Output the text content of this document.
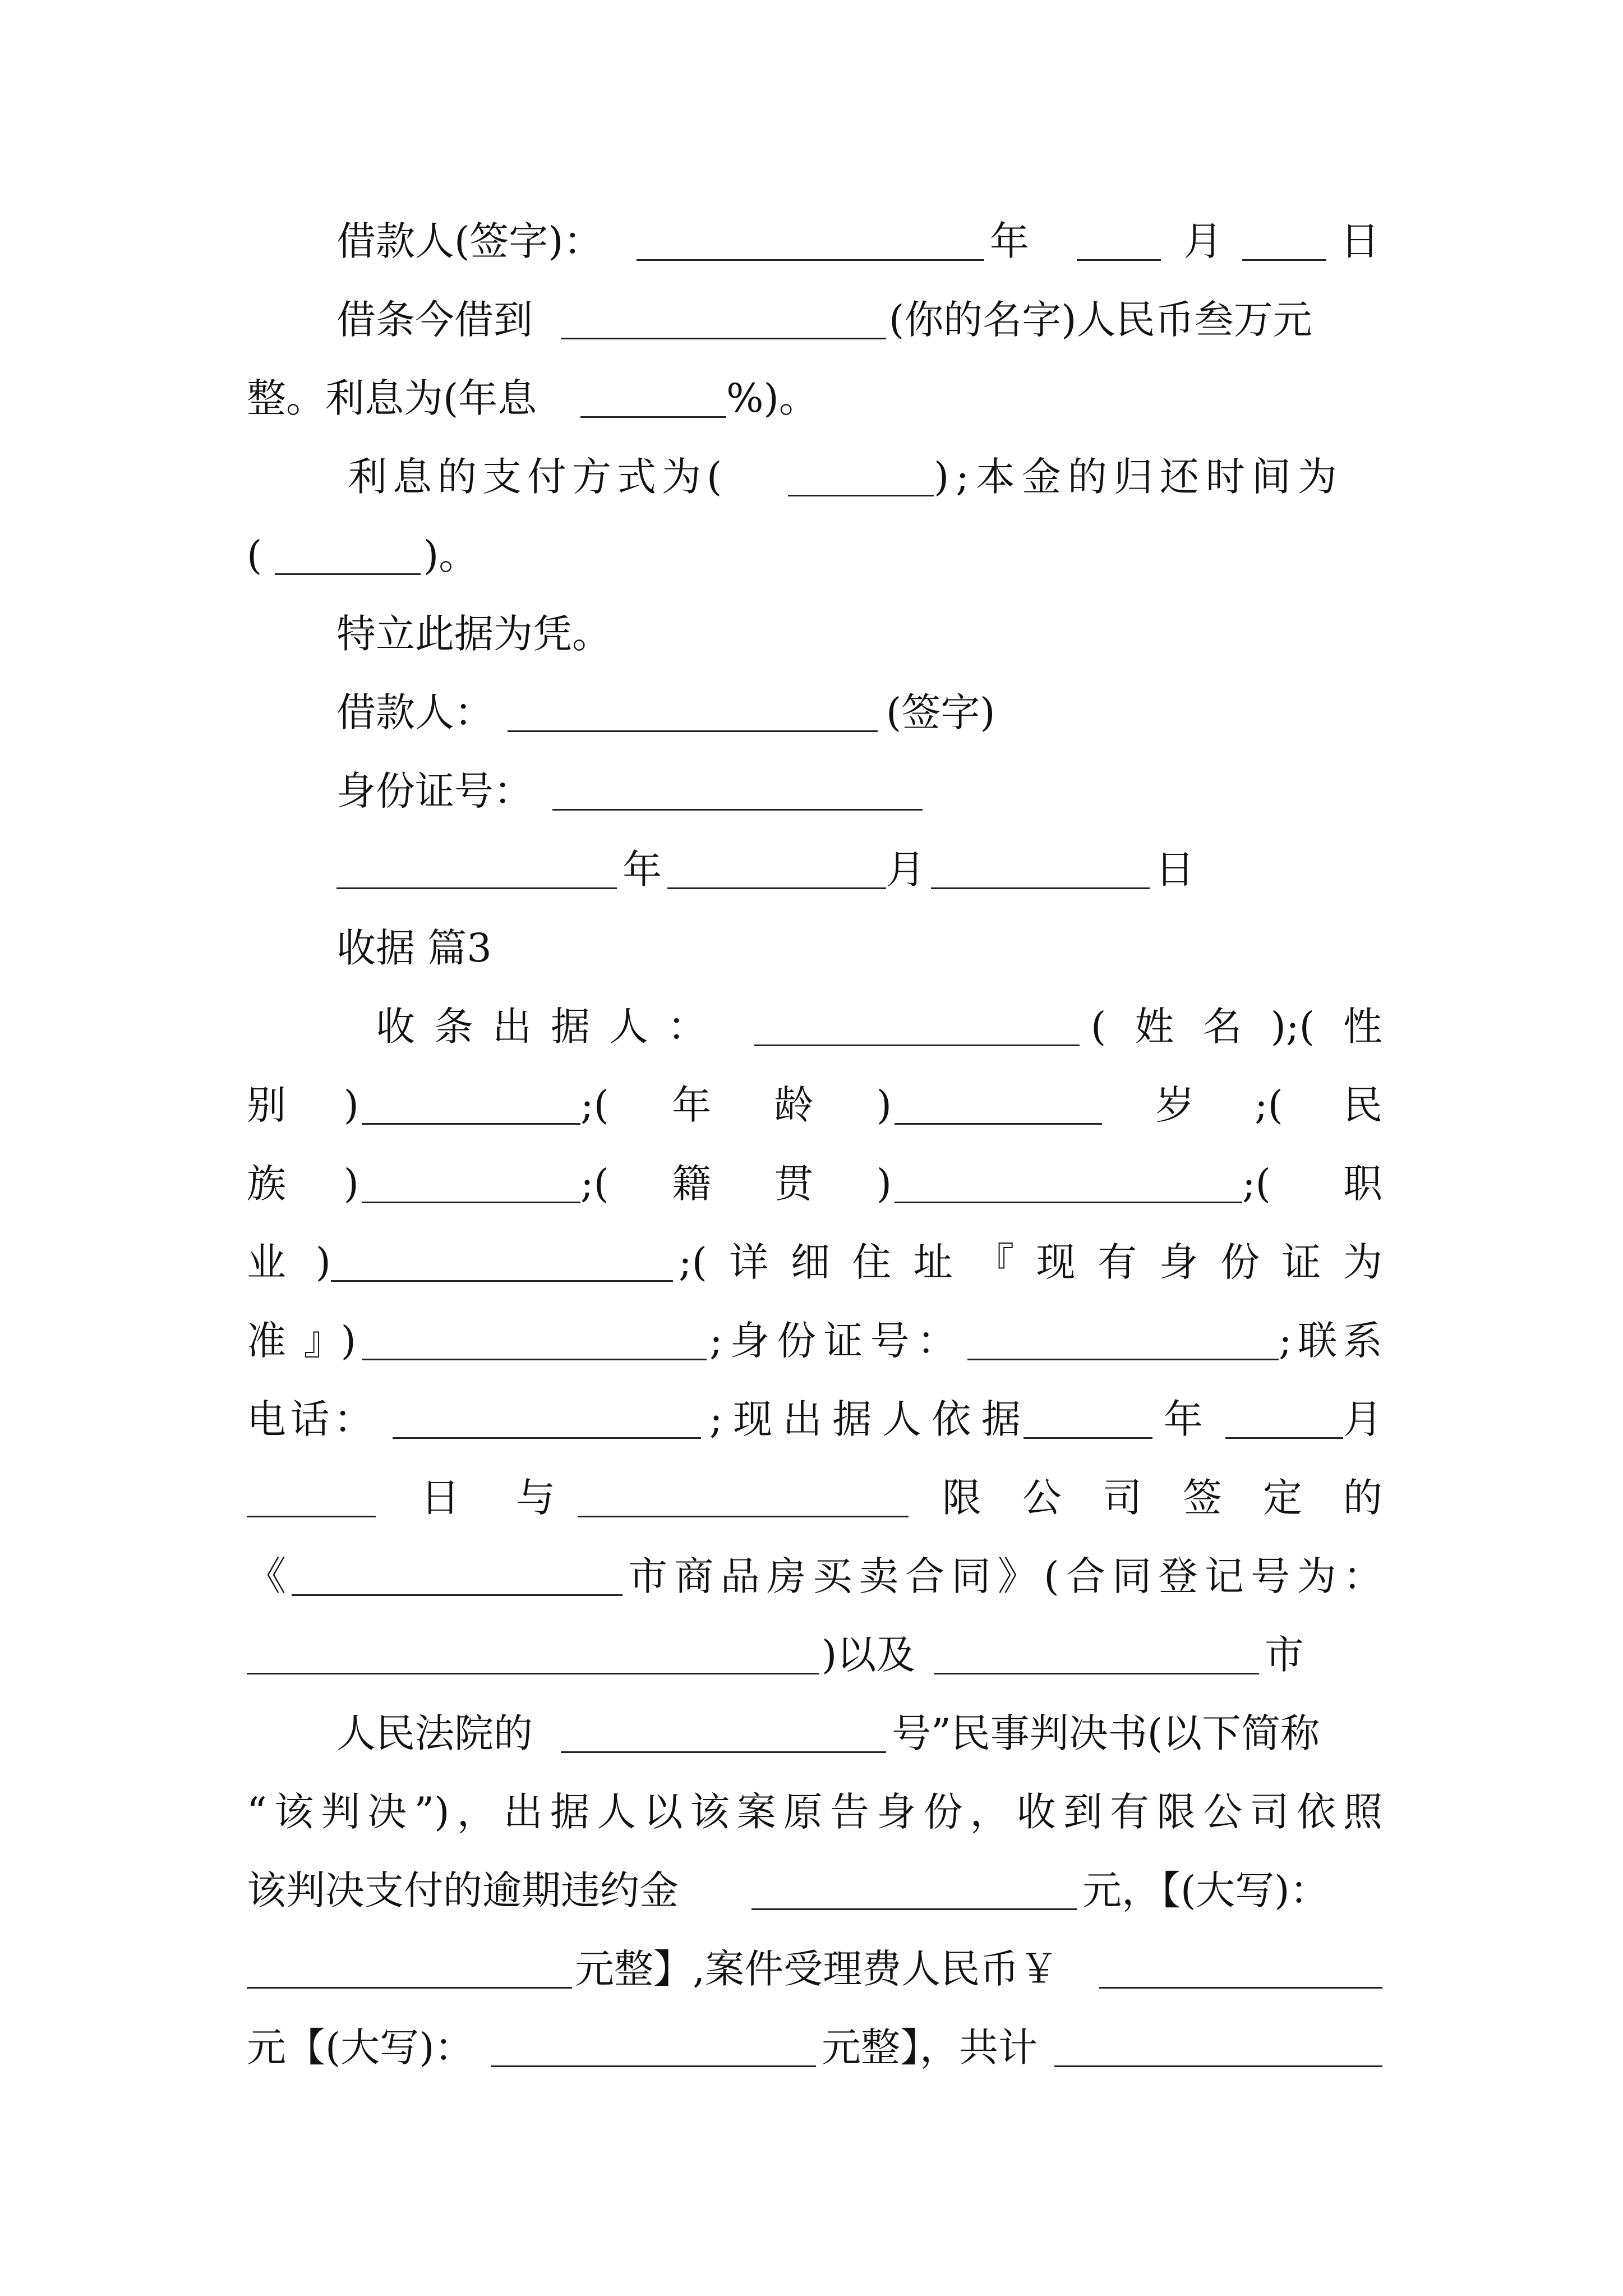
借款人(签字)：	年	月	日
借条今借到	(你的名字)人民币叁万元
整。利息为(年息	%)。
利息的支付方式为(	);本金的归还时间为
(	)。
特立此据为凭。
借款人：	(签字)
身份证号：
年	月	日
收据 篇3
收条出据人：	(姓名);(性
别)	;(年龄)	岁;(民
族)	;(籍贯)	;(职
业)	;(详细住址『现有身份证为
准』)	;身份证号：	;联系
电话：	;现出据人依据	年	月
日与	限公司签定的
《	市商品房买卖合同》(合同登记号为：
)以及	市
人民法院的	号”民事判决书(以下简称
“该判决”)，出据人以该案原告身份，收到有限公司依照
该判决支付的逾期违约金	元，【(大写)：
元整】,案件受理费人民币￥
元【(大写)：	元整】，共计
